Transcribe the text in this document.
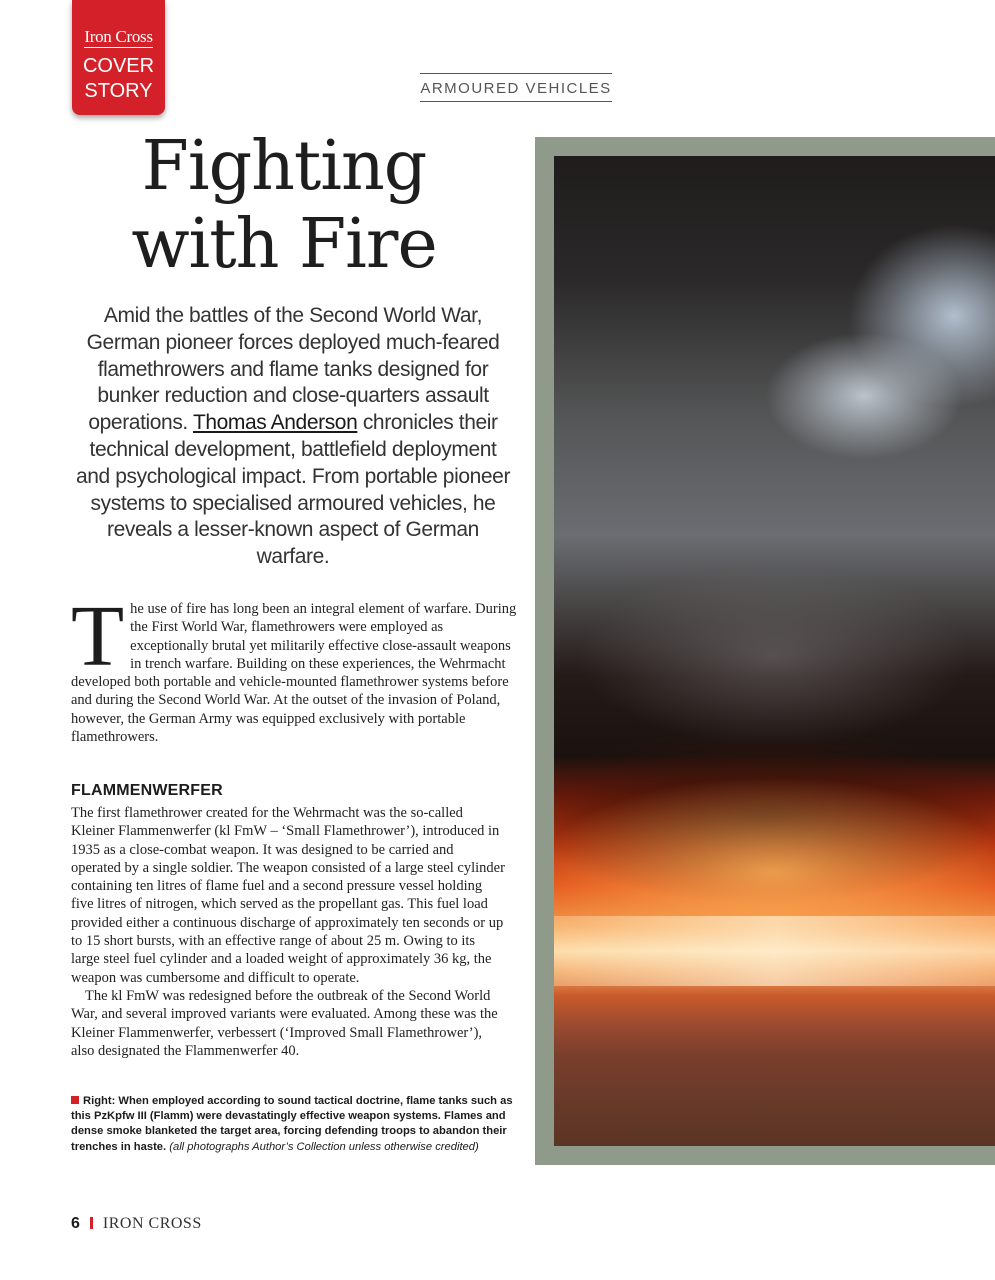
Iron Cross
COVER
STORY	ARMOURED VEHICLES
Fighting
with Fire

Amid the battles of the Second World War, German pioneer forces deployed much-feared flamethrowers and flame tanks designed for bunker reduction and close-quarters assault operations. Thomas Anderson chronicles their technical development, battlefield deployment and psychological impact. From portable pioneer systems to specialised armoured vehicles, he reveals a lesser-known aspect of German warfare.

The use of fire has long been an integral element of warfare. During the First World War, flamethrowers were employed as exceptionally brutal yet militarily effective close-assault weapons in trench warfare. Building on these experiences, the Wehrmacht developed both portable and vehicle-mounted flamethrower systems before and during the Second World War. At the outset of the invasion of Poland, however, the German Army was equipped exclusively with portable flamethrowers.

FLAMMENWERFER

The first flamethrower created for the Wehrmacht was the so-called Kleiner Flammenwerfer (kl FmW – ‘Small Flamethrower’), introduced in 1935 as a close-combat weapon. It was designed to be carried and operated by a single soldier. The weapon consisted of a large steel cylinder containing ten litres of flame fuel and a second pressure vessel holding five litres of nitrogen, which served as the propellant gas. This fuel load provided either a continuous discharge of approximately ten seconds or up to 15 short bursts, with an effective range of about 25 m. Owing to its large steel fuel cylinder and a loaded weight of approximately 36 kg, the weapon was cumbersome and difficult to operate.

The kl FmW was redesigned before the outbreak of the Second World War, and several improved variants were evaluated. Among these was the Kleiner Flammenwerfer, verbessert (‘Improved Small Flamethrower’), also designated the Flammenwerfer 40.

Right: When employed according to sound tactical doctrine, flame tanks such as this PzKpfw III (Flamm) were devastatingly effective weapon systems. Flames and dense smoke blanketed the target area, forcing defending troops to abandon their trenches in haste. (all photographs Author’s Collection unless otherwise credited)
6 IRON CROSS
